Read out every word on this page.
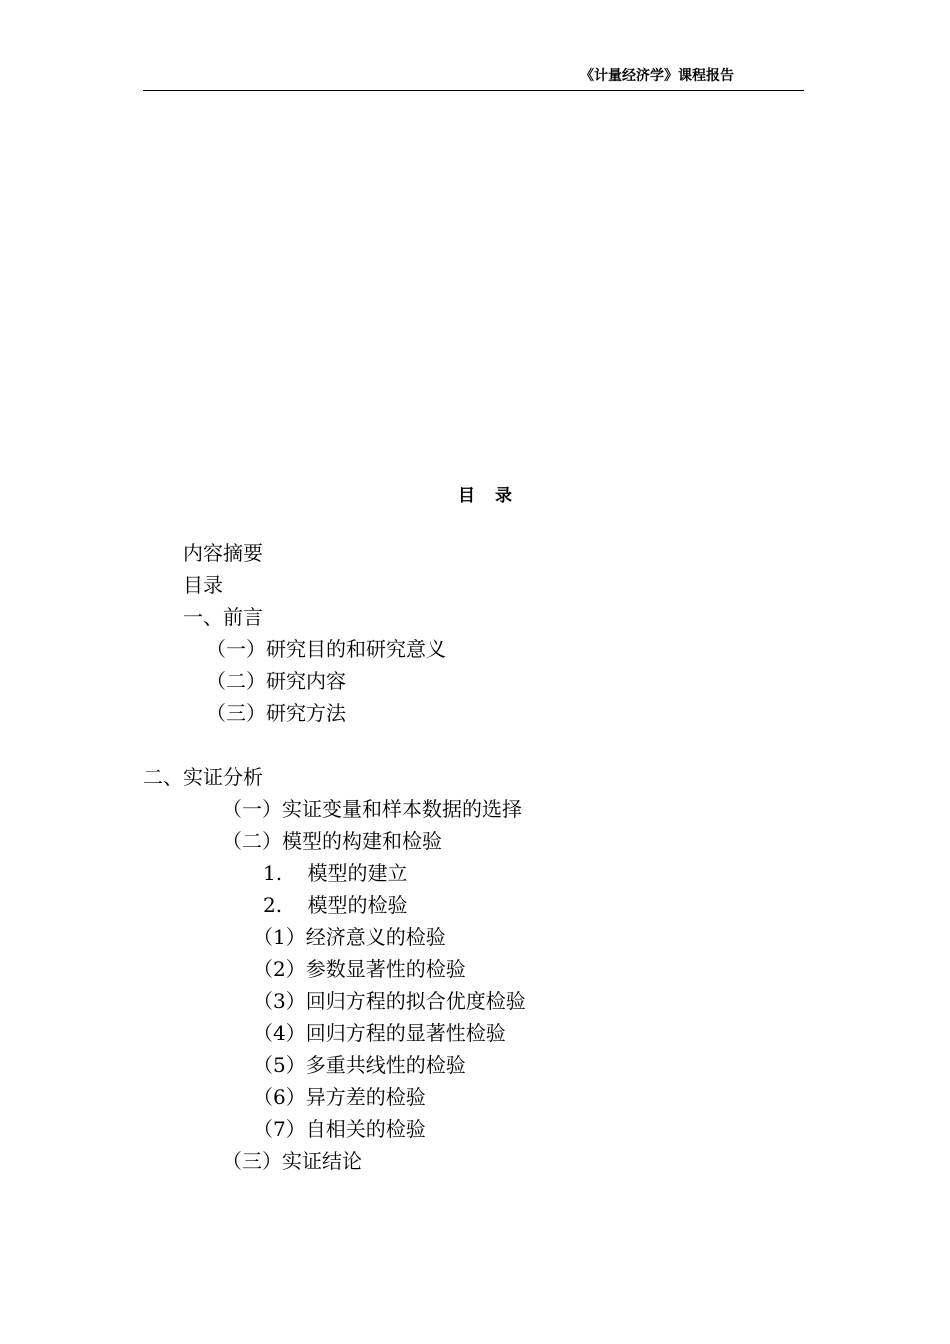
《计量经济学》课程报告
目录
内容摘要
目录
一、前言
（一）研究目的和研究意义
（二）研究内容
（三）研究方法
二、实证分析
（一）实证变量和样本数据的选择
（二）模型的构建和检验
1.    模型的建立
2.    模型的检验
（1）经济意义的检验
（2）参数显著性的检验
（3）回归方程的拟合优度检验
（4）回归方程的显著性检验
（5）多重共线性的检验
（6）异方差的检验
（7）自相关的检验
（三）实证结论
